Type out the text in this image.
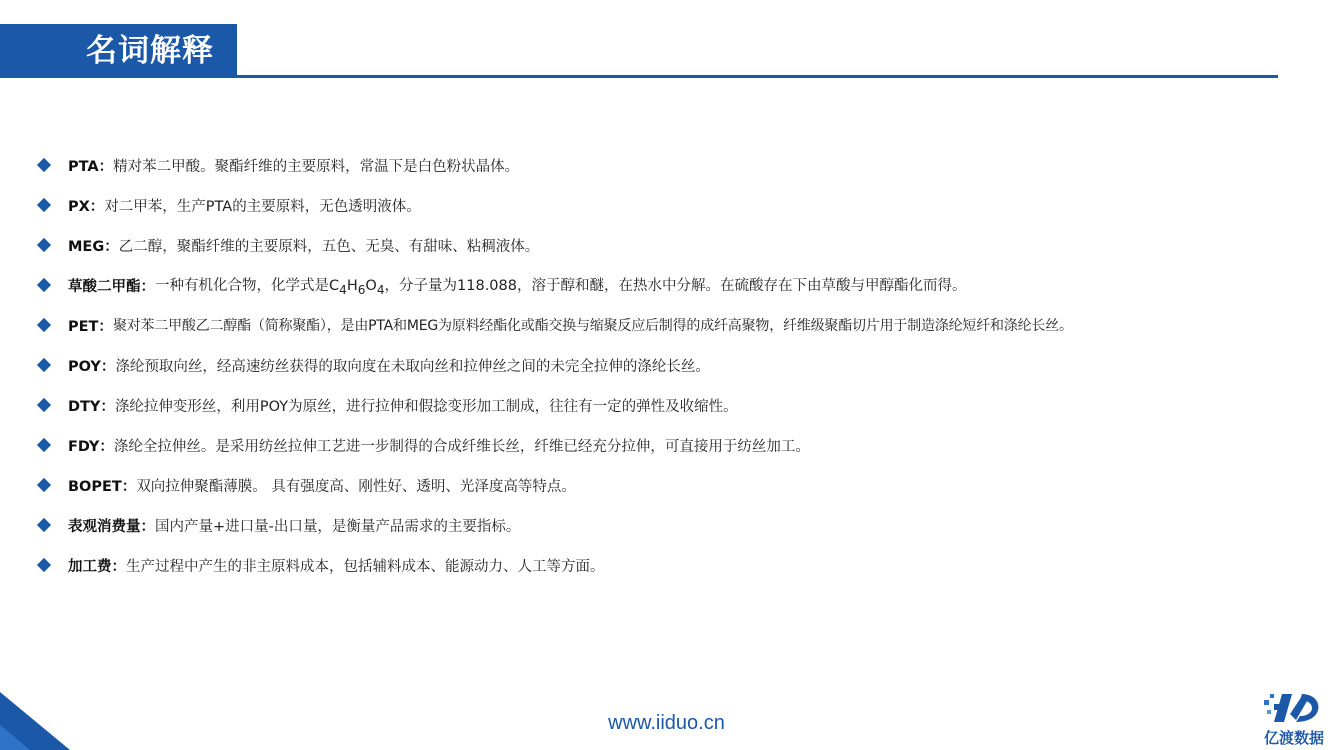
名词解释
PTA： 精对苯二甲酸。聚酯纤维的主要原料，常温下是白色粉状晶体。
PX： 对二甲苯，生产PTA的主要原料，无色透明液体。
MEG： 乙二醇，聚酯纤维的主要原料，五色、无臭、有甜味、粘稠液体。
草酸二甲酯： 一种有机化合物，化学式是$C_4H_6O_4$，分子量为118.088，溶于醇和醚，在热水中分解。在硫酸存在下由草酸与甲醇酯化而得。
PET： 聚对苯二甲酸乙二醇酯（简称聚酯），是由PTA和MEG为原料经酯化或酯交换与缩聚反应后制得的成纤高聚物，纤维级聚酯切片用于制造涤纶短纤和涤纶长丝。
POY： 涤纶预取向丝，经高速纺丝获得的取向度在未取向丝和拉伸丝之间的未完全拉伸的涤纶长丝。
DTY： 涤纶拉伸变形丝，利用POY为原丝，进行拉伸和假捻变形加工制成，往往有一定的弹性及收缩性。
FDY： 涤纶全拉伸丝。是采用纺丝拉伸工艺进一步制得的合成纤维长丝，纤维已经充分拉伸，可直接用于纺丝加工。
BOPET： 双向拉伸聚酯薄膜。 具有强度高、刚性好、透明、光泽度高等特点。
表观消费量： 国内产量+进口量-出口量，是衡量产品需求的主要指标。
加工费： 生产过程中产生的非主原料成本，包括辅料成本、能源动力、人工等方面。
www.iiduo.cn
亿渡数据
